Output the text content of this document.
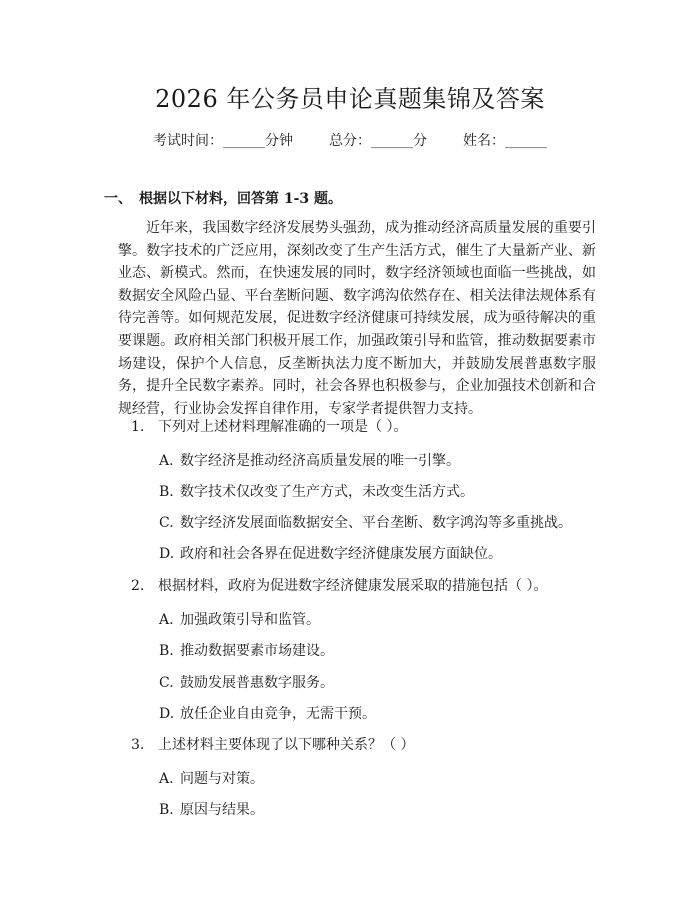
2026 年公务员申论真题集锦及答案
考试时间：______分钟	总分：______分	姓名：______
一、 根据以下材料，回答第 1-3 题。

近年来，我国数字经济发展势头强劲，成为推动经济高质量发展的重要引擎。数字技术的广泛应用，深刻改变了生产生活方式，催生了大量新产业、新业态、新模式。然而，在快速发展的同时，数字经济领域也面临一些挑战，如数据安全风险凸显、平台垄断问题、数字鸿沟依然存在、相关法律法规体系有待完善等。如何规范发展，促进数字经济健康可持续发展，成为亟待解决的重要课题。政府相关部门积极开展工作，加强政策引导和监管，推动数据要素市场建设，保护个人信息，反垄断执法力度不断加大，并鼓励发展普惠数字服务，提升全民数字素养。同时，社会各界也积极参与，企业加强技术创新和合规经营，行业协会发挥自律作用，专家学者提供智力支持。

1. 下列对上述材料理解准确的一项是（ ）。
A. 数字经济是推动经济高质量发展的唯一引擎。
B. 数字技术仅改变了生产方式，未改变生活方式。
C. 数字经济发展面临数据安全、平台垄断、数字鸿沟等多重挑战。
D. 政府和社会各界在促进数字经济健康发展方面缺位。
2. 根据材料，政府为促进数字经济健康发展采取的措施包括（ ）。
A. 加强政策引导和监管。
B. 推动数据要素市场建设。
C. 鼓励发展普惠数字服务。
D. 放任企业自由竞争，无需干预。
3. 上述材料主要体现了以下哪种关系？（ ）
A. 问题与对策。
B. 原因与结果。
